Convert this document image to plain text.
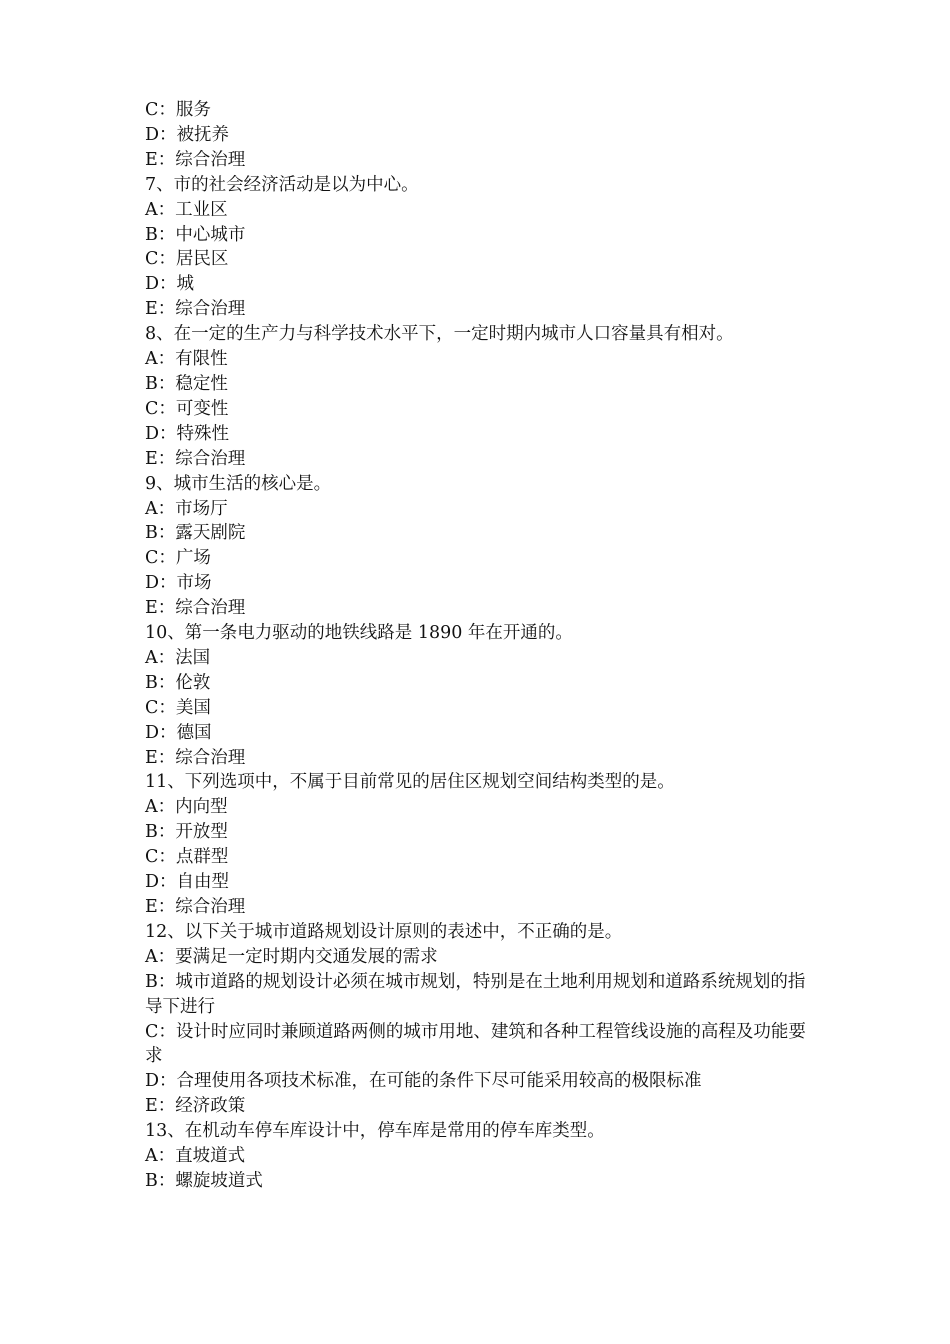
C：服务
D：被抚养
E：综合治理
7、市的社会经济活动是以为中心。
A：工业区
B：中心城市
C：居民区
D：城
E：综合治理
8、在一定的生产力与科学技术水平下，一定时期内城市人口容量具有相对。
A：有限性
B：稳定性
C：可变性
D：特殊性
E：综合治理
9、城市生活的核心是。
A：市场厅
B：露天剧院
C：广场
D：市场
E：综合治理
10、第一条电力驱动的地铁线路是 1890 年在开通的。
A：法国
B：伦敦
C：美国
D：德国
E：综合治理
11、下列选项中，不属于目前常见的居住区规划空间结构类型的是。
A：内向型
B：开放型
C：点群型
D：自由型
E：综合治理
12、以下关于城市道路规划设计原则的表述中，不正确的是。
A：要满足一定时期内交通发展的需求
B：城市道路的规划设计必须在城市规划，特别是在土地利用规划和道路系统规划的指导下进行
C：设计时应同时兼顾道路两侧的城市用地、建筑和各种工程管线设施的高程及功能要求
D：合理使用各项技术标准，在可能的条件下尽可能采用较高的极限标准
E：经济政策
13、在机动车停车库设计中，停车库是常用的停车库类型。
A：直坡道式
B：螺旋坡道式
